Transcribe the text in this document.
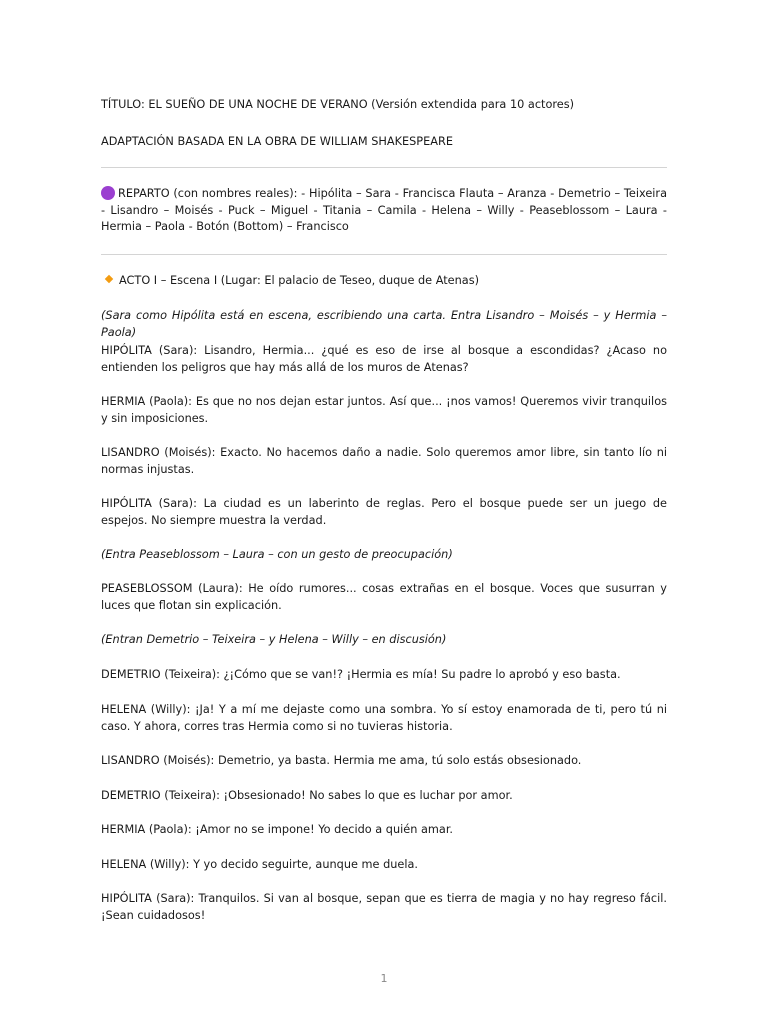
TÍTULO: EL SUEÑO DE UNA NOCHE DE VERANO (Versión extendida para 10 actores)

ADAPTACIÓN BASADA EN LA OBRA DE WILLIAM SHAKESPEARE

REPARTO (con nombres reales): - Hipólita – Sara - Francisca Flauta – Aranza - Demetrio – Teixeira - Lisandro – Moisés - Puck – Miguel - Titania – Camila - Helena – Willy - Peaseblossom – Laura - Hermia – Paola - Botón (Bottom) – Francisco

ACTO I – Escena I (Lugar: El palacio de Teseo, duque de Atenas)

(Sara como Hipólita está en escena, escribiendo una carta. Entra Lisandro – Moisés – y Hermia – Paola)

HIPÓLITA (Sara): Lisandro, Hermia... ¿qué es eso de irse al bosque a escondidas? ¿Acaso no entienden los peligros que hay más allá de los muros de Atenas?

HERMIA (Paola): Es que no nos dejan estar juntos. Así que... ¡nos vamos! Queremos vivir tranquilos y sin imposiciones.

LISANDRO (Moisés): Exacto. No hacemos daño a nadie. Solo queremos amor libre, sin tanto lío ni normas injustas.

HIPÓLITA (Sara): La ciudad es un laberinto de reglas. Pero el bosque puede ser un juego de espejos. No siempre muestra la verdad.

(Entra Peaseblossom – Laura – con un gesto de preocupación)

PEASEBLOSSOM (Laura): He oído rumores... cosas extrañas en el bosque. Voces que susurran y luces que flotan sin explicación.

(Entran Demetrio – Teixeira – y Helena – Willy – en discusión)

DEMETRIO (Teixeira): ¿¡Cómo que se van!? ¡Hermia es mía! Su padre lo aprobó y eso basta.

HELENA (Willy): ¡Ja! Y a mí me dejaste como una sombra. Yo sí estoy enamorada de ti, pero tú ni caso. Y ahora, corres tras Hermia como si no tuvieras historia.

LISANDRO (Moisés): Demetrio, ya basta. Hermia me ama, tú solo estás obsesionado.

DEMETRIO (Teixeira): ¡Obsesionado! No sabes lo que es luchar por amor.

HERMIA (Paola): ¡Amor no se impone! Yo decido a quién amar.

HELENA (Willy): Y yo decido seguirte, aunque me duela.

HIPÓLITA (Sara): Tranquilos. Si van al bosque, sepan que es tierra de magia y no hay regreso fácil. ¡Sean cuidadosos!

1
